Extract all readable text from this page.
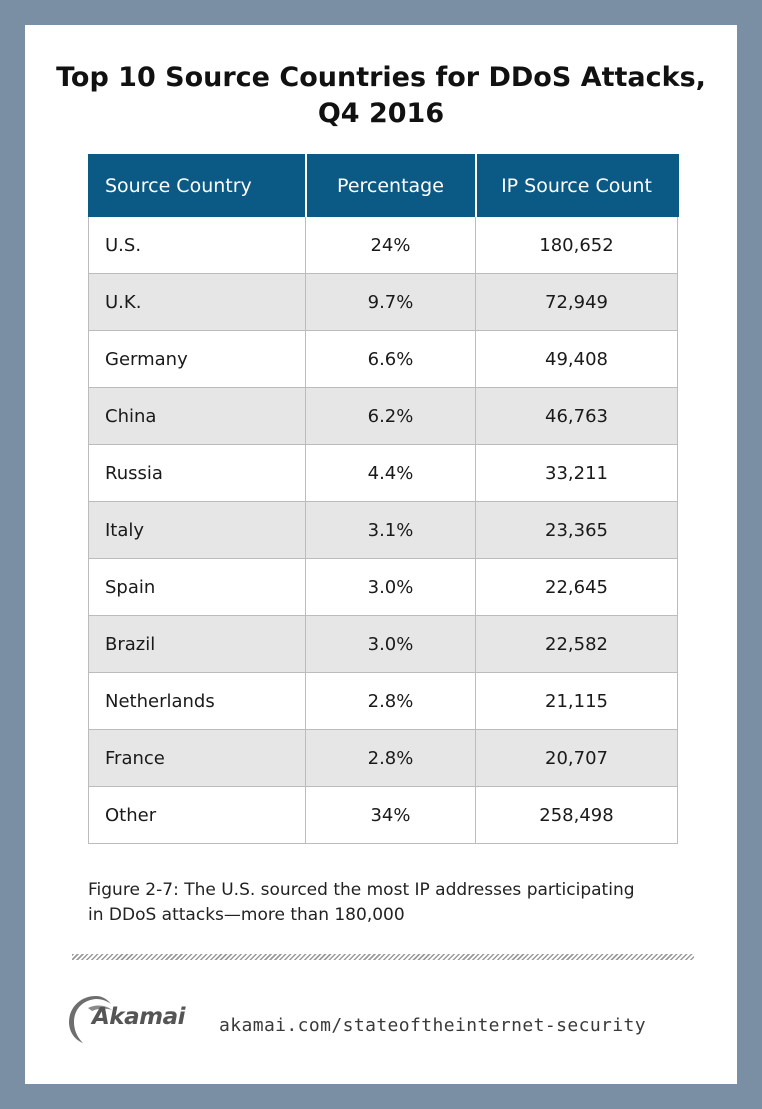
Top 10 Source Countries for DDoS Attacks,
Q4 2016
Source Country	Percentage	IP Source Count
U.S.	24%	180,652
U.K.	9.7%	72,949
Germany	6.6%	49,408
China	6.2%	46,763
Russia	4.4%	33,211
Italy	3.1%	23,365
Spain	3.0%	22,645
Brazil	3.0%	22,582
Netherlands	2.8%	21,115
France	2.8%	20,707
Other	34%	258,498

Figure 2-7: The U.S. sourced the most IP addresses participating
in DDoS attacks—more than 180,000

Akamai akamai.com/stateoftheinternet-security
